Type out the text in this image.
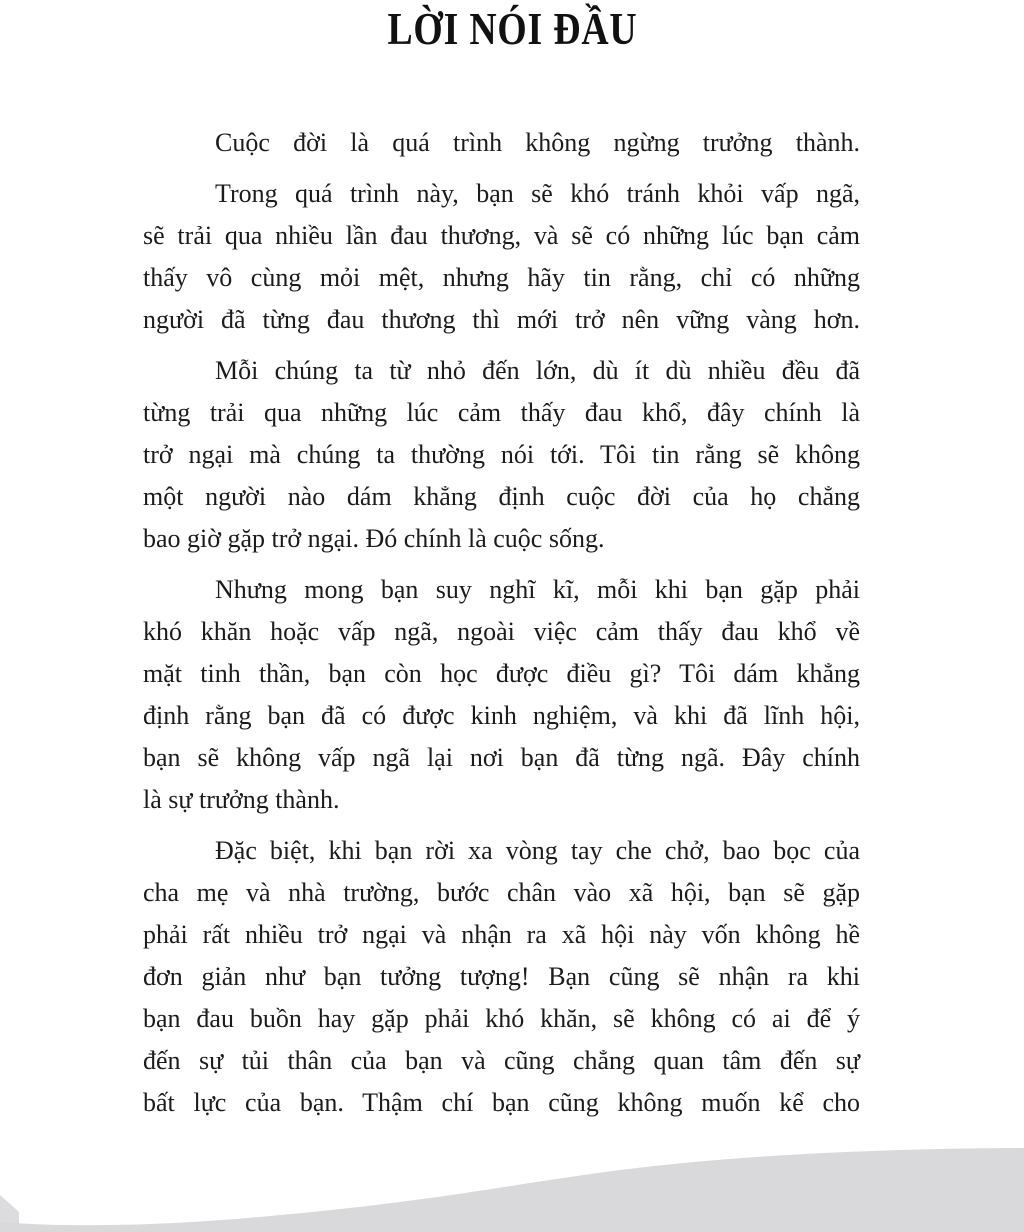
LỜI NÓI ĐẦU

Cuộc đời là quá trình không ngừng trưởng thành.

Trong quá trình này, bạn sẽ khó tránh khỏi vấp ngã,

sẽ trải qua nhiều lần đau thương, và sẽ có những lúc bạn cảm

thấy vô cùng mỏi mệt, nhưng hãy tin rằng, chỉ có những

người đã từng đau thương thì mới trở nên vững vàng hơn.

Mỗi chúng ta từ nhỏ đến lớn, dù ít dù nhiều đều đã

từng trải qua những lúc cảm thấy đau khổ, đây chính là

trở ngại mà chúng ta thường nói tới. Tôi tin rằng sẽ không

một người nào dám khẳng định cuộc đời của họ chẳng

bao giờ gặp trở ngại. Đó chính là cuộc sống.

Nhưng mong bạn suy nghĩ kĩ, mỗi khi bạn gặp phải

khó khăn hoặc vấp ngã, ngoài việc cảm thấy đau khổ về

mặt tinh thần, bạn còn học được điều gì? Tôi dám khẳng

định rằng bạn đã có được kinh nghiệm, và khi đã lĩnh hội,

bạn sẽ không vấp ngã lại nơi bạn đã từng ngã. Đây chính

là sự trưởng thành.

Đặc biệt, khi bạn rời xa vòng tay che chở, bao bọc của

cha mẹ và nhà trường, bước chân vào xã hội, bạn sẽ gặp

phải rất nhiều trở ngại và nhận ra xã hội này vốn không hề

đơn giản như bạn tưởng tượng! Bạn cũng sẽ nhận ra khi

bạn đau buồn hay gặp phải khó khăn, sẽ không có ai để ý

đến sự tủi thân của bạn và cũng chẳng quan tâm đến sự

bất lực của bạn. Thậm chí bạn cũng không muốn kể cho
